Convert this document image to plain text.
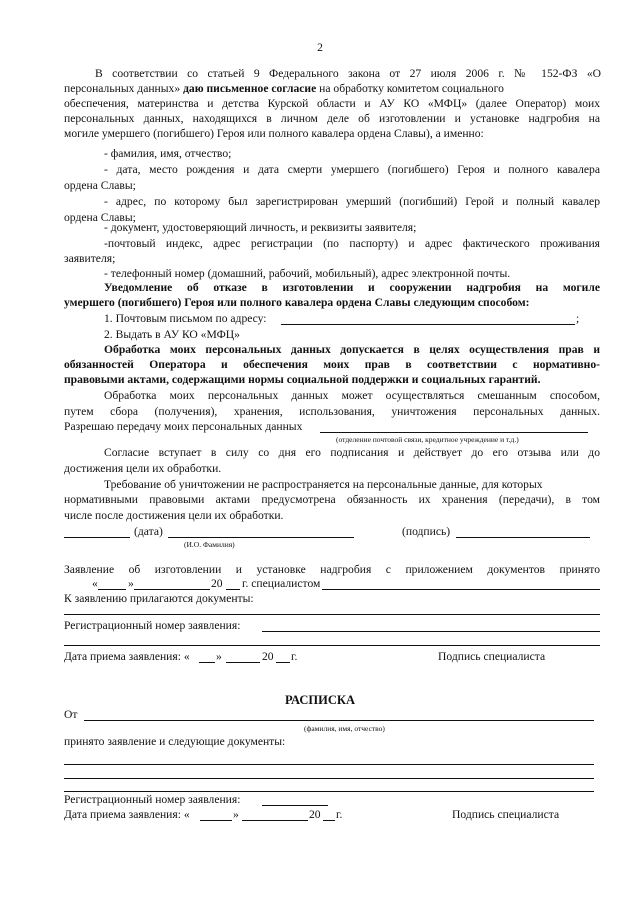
2
В соответствии со статьей 9 Федерального закона от 27 июля 2006 г. № 152-ФЗ «О
персональных данных» даю письменное согласие на обработку комитетом социального
обеспечения, материнства и детства Курской области и АУ КО «МФЦ» (далее Оператор) моих
персональных данных, находящихся в личном деле об изготовлении и установке надгробия на
могиле умершего (погибшего) Героя или полного кавалера ордена Славы), а именно:
- фамилия, имя, отчество;
- дата, место рождения и дата смерти умершего (погибшего) Героя и полного кавалера
ордена Славы;
- адрес, по которому был зарегистрирован умерший (погибший) Герой и полный кавалер
ордена Славы;
- документ, удостоверяющий личность, и реквизиты заявителя;
-почтовый индекс, адрес регистрации (по паспорту) и адрес фактического проживания
заявителя;
- телефонный номер (домашний, рабочий, мобильный), адрес электронной почты.
Уведомление об отказе в изготовлении и сооружении надгробия на могиле
умершего (погибшего) Героя или полного кавалера ордена Славы следующим способом:
1. Почтовым письмом по адресу:	;
2. Выдать в АУ КО «МФЦ»
Обработка моих персональных данных допускается в целях осуществления прав и
обязанностей Оператора и обеспечения моих прав в соответствии с нормативно-
правовыми актами, содержащими нормы социальной поддержки и социальных гарантий.
Обработка моих персональных данных может осуществляться смешанным способом,
путем сбора (получения), хранения, использования, уничтожения персональных данных.
Разрешаю передачу моих персональных данных
(отделение почтовой связи, кредитное учреждение и т.д.)
Согласие вступает в силу со дня его подписания и действует до его отзыва или до
достижения цели их обработки.
Требование об уничтожении не распространяется на персональные данные, для которых
нормативными правовыми актами предусмотрена обязанность их хранения (передачи), в том
числе после достижения цели их обработки.
(дата)
(И.О. Фамилия)
(подпись)
Заявление об изготовлении и установке надгробия с приложением документов принято
«	»	20 г. специалистом
К заявлению прилагаются документы:
Регистрационный номер заявления:
Дата приема заявления: « »	20 г.	Подпись специалиста
РАСПИСКА
От
(фамилия, имя, отчество)
принято заявление и следующие документы:
Регистрационный номер заявления:
Дата приема заявления: «	»	20 г.	Подпись специалиста
